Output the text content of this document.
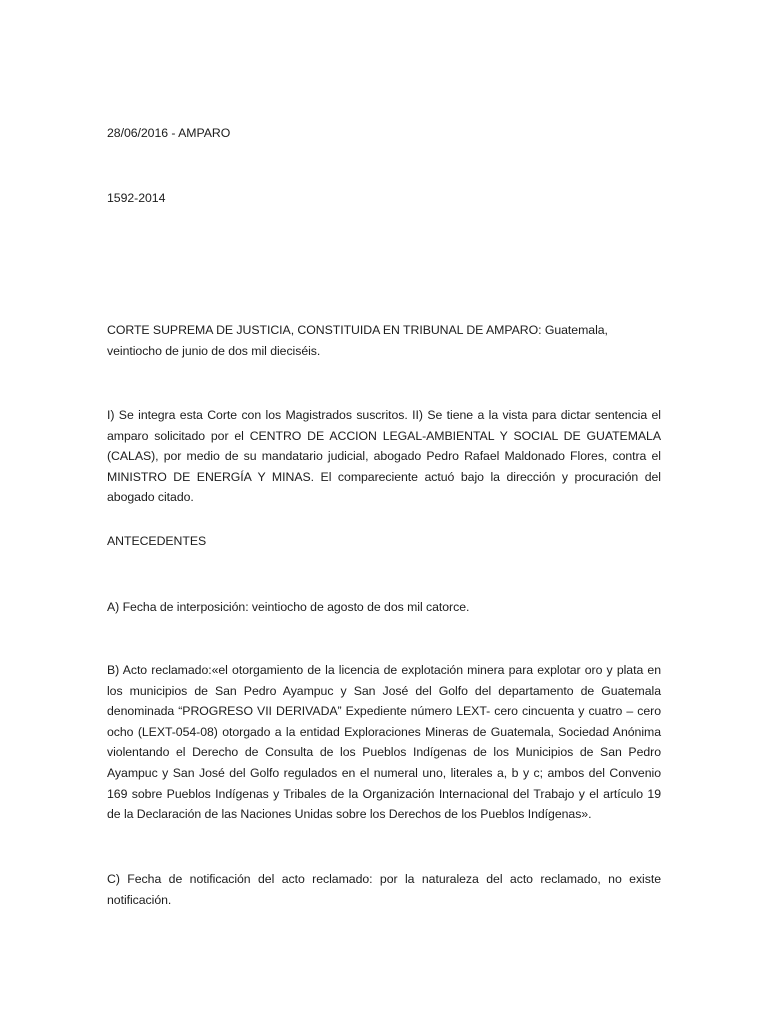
28/06/2016 - AMPARO

1592-2014

CORTE SUPREMA DE JUSTICIA, CONSTITUIDA EN TRIBUNAL DE AMPARO: Guatemala, veintiocho de junio de dos mil dieciséis.

I) Se integra esta Corte con los Magistrados suscritos. II) Se tiene a la vista para dictar sentencia el amparo solicitado por el CENTRO DE ACCION LEGAL-AMBIENTAL Y SOCIAL DE GUATEMALA (CALAS), por medio de su mandatario judicial, abogado Pedro Rafael Maldonado Flores, contra el MINISTRO DE ENERGÍA Y MINAS. El compareciente actuó bajo la dirección y procuración del abogado citado.

ANTECEDENTES

A) Fecha de interposición: veintiocho de agosto de dos mil catorce.

B) Acto reclamado:«el otorgamiento de la licencia de explotación minera para explotar oro y plata en los municipios de San Pedro Ayampuc y San José del Golfo del departamento de Guatemala denominada “PROGRESO VII DERIVADA” Expediente número LEXT- cero cincuenta y cuatro – cero ocho (LEXT-054-08) otorgado a la entidad Exploraciones Mineras de Guatemala, Sociedad Anónima violentando el Derecho de Consulta de los Pueblos Indígenas de los Municipios de San Pedro Ayampuc y San José del Golfo regulados en el numeral uno, literales a, b y c; ambos del Convenio 169 sobre Pueblos Indígenas y Tribales de la Organización Internacional del Trabajo y el artículo 19 de la Declaración de las Naciones Unidas sobre los Derechos de los Pueblos Indígenas».

C) Fecha de notificación del acto reclamado: por la naturaleza del acto reclamado, no existe notificación.
